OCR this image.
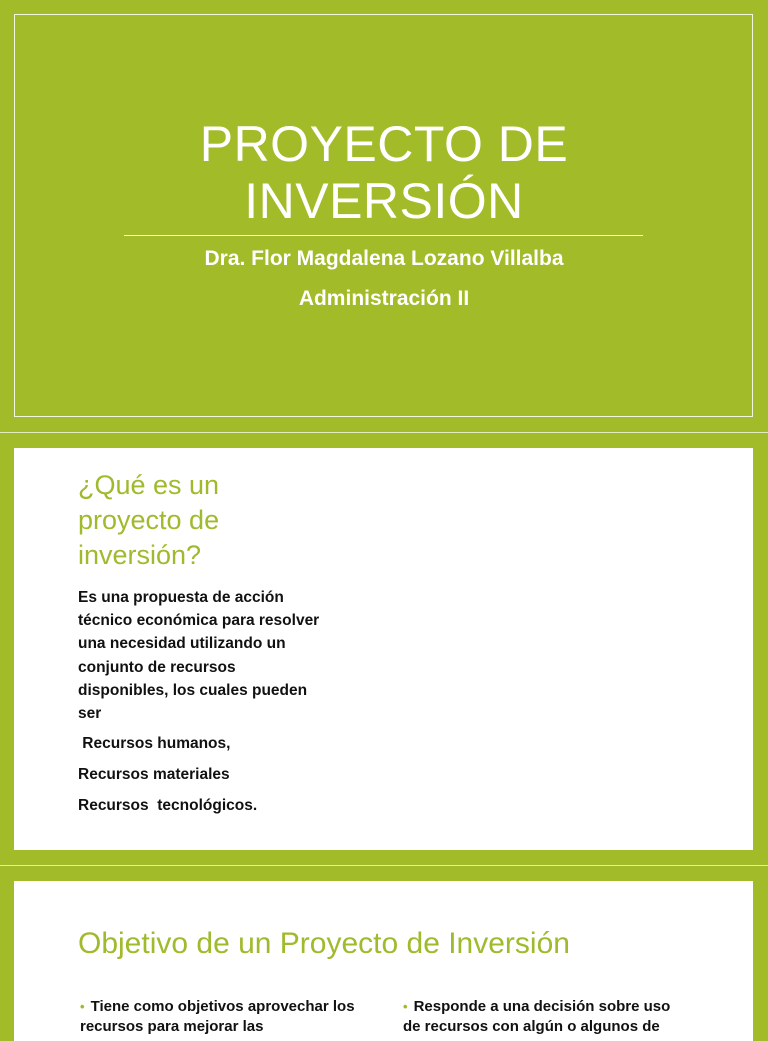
PROYECTO DE
INVERSIÓN
Dra. Flor Magdalena Lozano Villalba
Administración II
¿Qué es un
proyecto de
inversión?
Es una propuesta de acción técnico económica para resolver una necesidad utilizando un conjunto de recursos disponibles, los cuales pueden ser
Recursos humanos,
Recursos materiales
Recursos  tecnológicos.
Objetivo de un Proyecto de Inversión
• Tiene como objetivos aprovechar los recursos para mejorar las
• Responde a una decisión sobre uso de recursos con algún o algunos de
